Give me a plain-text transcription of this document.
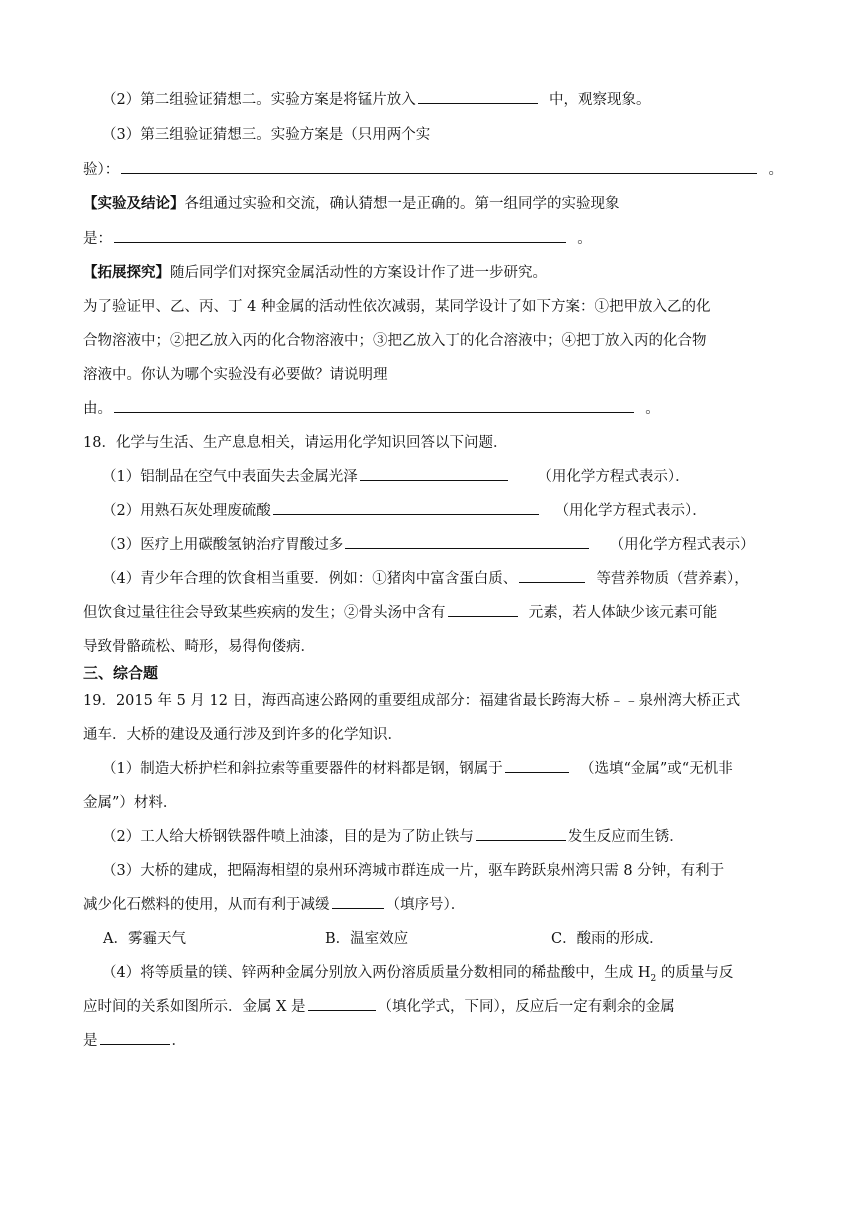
（2）第二组验证猜想二。实验方案是将锰片放入	中，观察现象。
（3）第三组验证猜想三。实验方案是（只用两个实
验）：	。
【实验及结论】各组通过实验和交流，确认猜想一是正确的。第一组同学的实验现象
是：	。
【拓展探究】随后同学们对探究金属活动性的方案设计作了进一步研究。
为了验证甲、乙、丙、丁 4 种金属的活动性依次减弱，某同学设计了如下方案：①把甲放入乙的化
合物溶液中；②把乙放入丙的化合物溶液中；③把乙放入丁的化合溶液中；④把丁放入丙的化合物
溶液中。你认为哪个实验没有必要做？请说明理
由。	。
18．化学与生活、生产息息相关，请运用化学知识回答以下问题．
（1）铝制品在空气中表面失去金属光泽	（用化学方程式表示）．
（2）用熟石灰处理废硫酸	（用化学方程式表示）．
（3）医疗上用碳酸氢钠治疗胃酸过多	（用化学方程式表示）
（4）青少年合理的饮食相当重要．例如：①猪肉中富含蛋白质、	等营养物质（营养素），
但饮食过量往往会导致某些疾病的发生；②骨头汤中含有	元素，若人体缺少该元素可能
导致骨骼疏松、畸形，易得佝偻病．
三、综合题
19．2015 年 5 月 12 日，海西高速公路网的重要组成部分：福建省最长跨海大桥﹣﹣泉州湾大桥正式
通车．大桥的建设及通行涉及到许多的化学知识．
（1）制造大桥护栏和斜拉索等重要器件的材料都是钢，钢属于	（选填“金属”或“无机非
金属”）材料．
（2）工人给大桥钢铁器件喷上油漆，目的是为了防止铁与	发生反应而生锈．
（3）大桥的建成，把隔海相望的泉州环湾城市群连成一片，驱车跨跃泉州湾只需 8 分钟，有利于
减少化石燃料的使用，从而有利于减缓	（填序号）．
A．雾霾天气	B．温室效应	C．酸雨的形成．
（4）将等质量的镁、锌两种金属分别放入两份溶质质量分数相同的稀盐酸中，生成 $H_2$ 的质量与反
应时间的关系如图所示．金属 X 是	（填化学式，下同），反应后一定有剩余的金属
是	．
